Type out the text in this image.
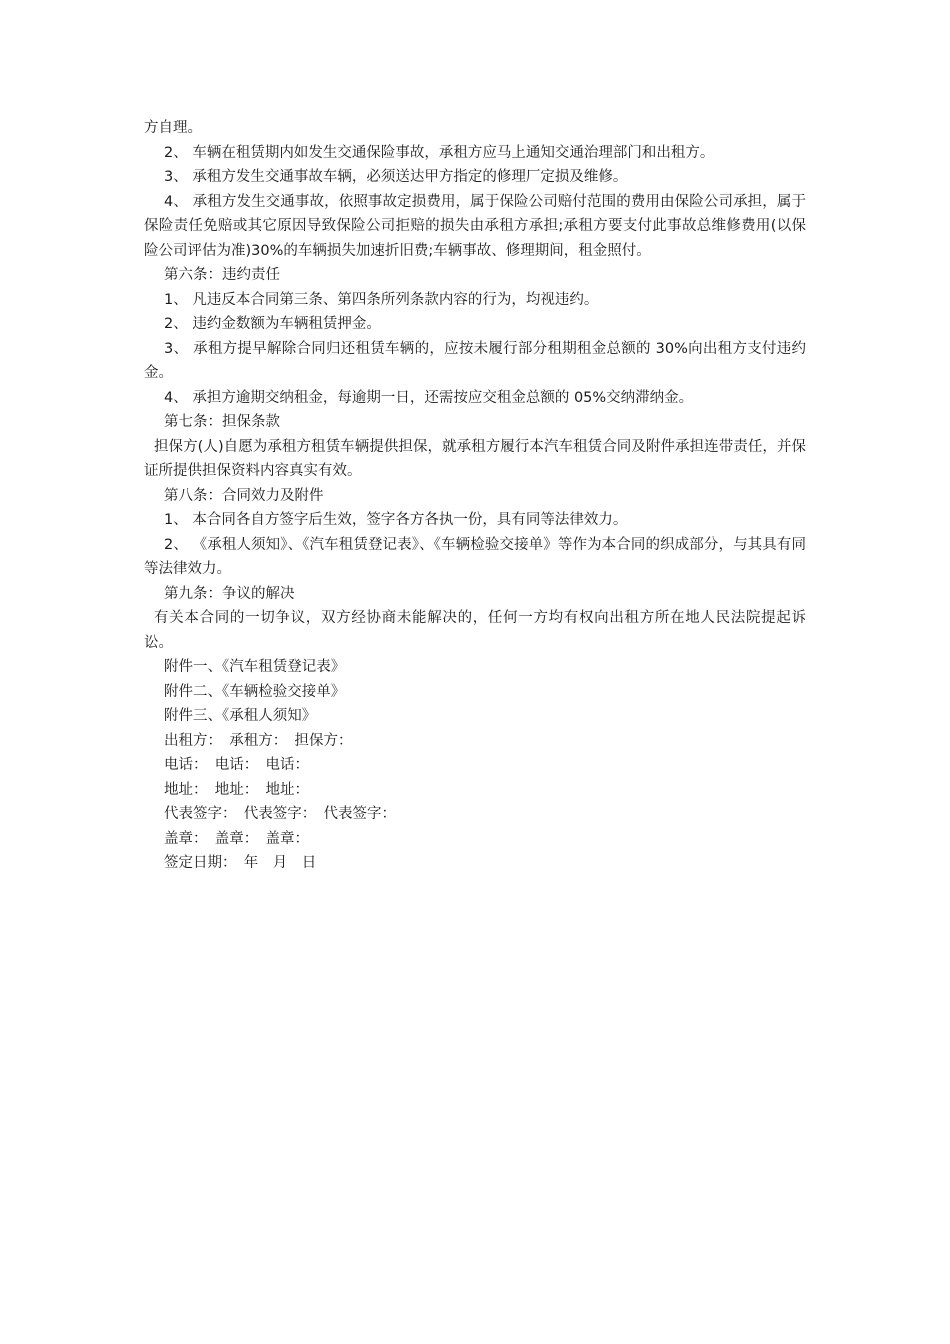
方自理。

2、 车辆在租赁期内如发生交通保险事故，承租方应马上通知交通治理部门和出租方。

3、 承租方发生交通事故车辆，必须送达甲方指定的修理厂定损及维修。

4、 承租方发生交通事故，依照事故定损费用，属于保险公司赔付范围的费用由保险公司承担，属于保险责任免赔或其它原因导致保险公司拒赔的损失由承租方承担;承租方要支付此事故总维修费用(以保险公司评估为准)30%的车辆损失加速折旧费;车辆事故、修理期间，租金照付。

第六条：违约责任

1、 凡违反本合同第三条、第四条所列条款内容的行为，均视违约。

2、 违约金数额为车辆租赁押金。

3、 承租方提早解除合同归还租赁车辆的，应按未履行部分租期租金总额的 30%向出租方支付违约金。

4、 承担方逾期交纳租金，每逾期一日，还需按应交租金总额的 05%交纳滞纳金。

第七条：担保条款

担保方(人)自愿为承租方租赁车辆提供担保，就承租方履行本汽车租赁合同及附件承担连带责任，并保证所提供担保资料内容真实有效。

第八条：合同效力及附件

1、 本合同各自方签字后生效，签字各方各执一份，具有同等法律效力。

2、 《承租人须知》、《汽车租赁登记表》、《车辆检验交接单》等作为本合同的织成部分，与其具有同等法律效力。

第九条：争议的解决

有关本合同的一切争议，双方经协商未能解决的，任何一方均有权向出租方所在地人民法院提起诉讼。

附件一、《汽车租赁登记表》

附件二、《车辆检验交接单》

附件三、《承租人须知》

出租方：　承租方：　担保方：

电话：　电话：　电话：

地址：　地址：　地址：

代表签字：　代表签字：　代表签字：

盖章：　盖章：　盖章：

签定日期：　年　月　日
